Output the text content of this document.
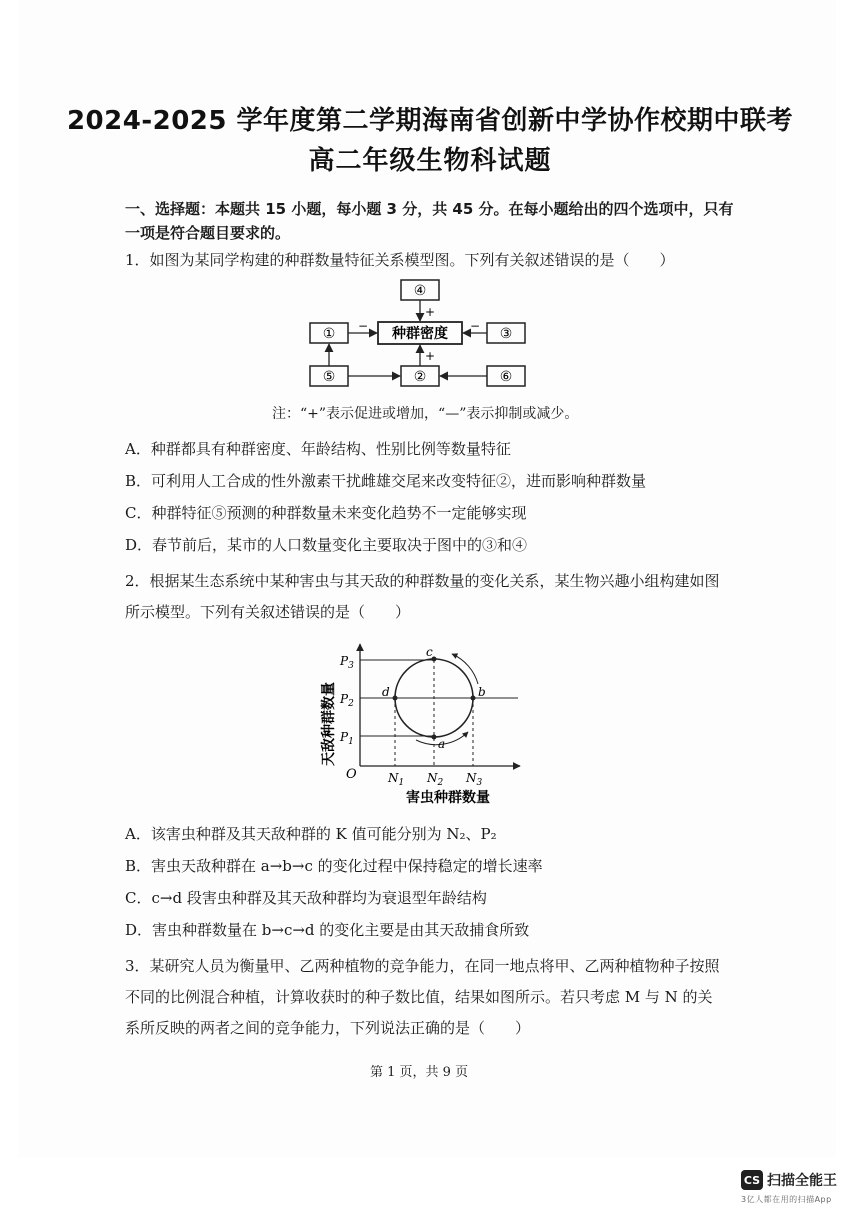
2024-2025 学年度第二学期海南省创新中学协作校期中联考
高二年级生物科试题
一、选择题：本题共 15 小题，每小题 3 分，共 45 分。在每小题给出的四个选项中，只有
一项是符合题目要求的。
1．如图为某同学构建的种群数量特征关系模型图。下列有关叙述错误的是（　　）
④
种群密度
①	③
⑤	②	⑥
+
−	−
+
注：“+”表示促进或增加，“—”表示抑制或减少。
A．种群都具有种群密度、年龄结构、性别比例等数量特征
B．可利用人工合成的性外激素干扰雌雄交尾来改变特征②，进而影响种群数量
C．种群特征⑤预测的种群数量未来变化趋势不一定能够实现
D．春节前后，某市的人口数量变化主要取决于图中的③和④
2．根据某生态系统中某种害虫与其天敌的种群数量的变化关系，某生物兴趣小组构建如图
所示模型。下列有关叙述错误的是（　　）
天敌种群数量
O
$P_3$
$P_2$
$P_1$
$N_1$ $N_2$ $N_3$
a
b
c
d
害虫种群数量
A．该害虫种群及其天敌种群的 K 值可能分别为 N₂、P₂
B．害虫天敌种群在 a→b→c 的变化过程中保持稳定的增长速率
C．c→d 段害虫种群及其天敌种群均为衰退型年龄结构
D．害虫种群数量在 b→c→d 的变化主要是由其天敌捕食所致
3．某研究人员为衡量甲、乙两种植物的竞争能力，在同一地点将甲、乙两种植物种子按照
不同的比例混合种植，计算收获时的种子数比值，结果如图所示。若只考虑 M 与 N 的关
系所反映的两者之间的竞争能力，下列说法正确的是（　　）
第 1 页，共 9 页
CS 扫描全能王
3亿人都在用的扫描App
